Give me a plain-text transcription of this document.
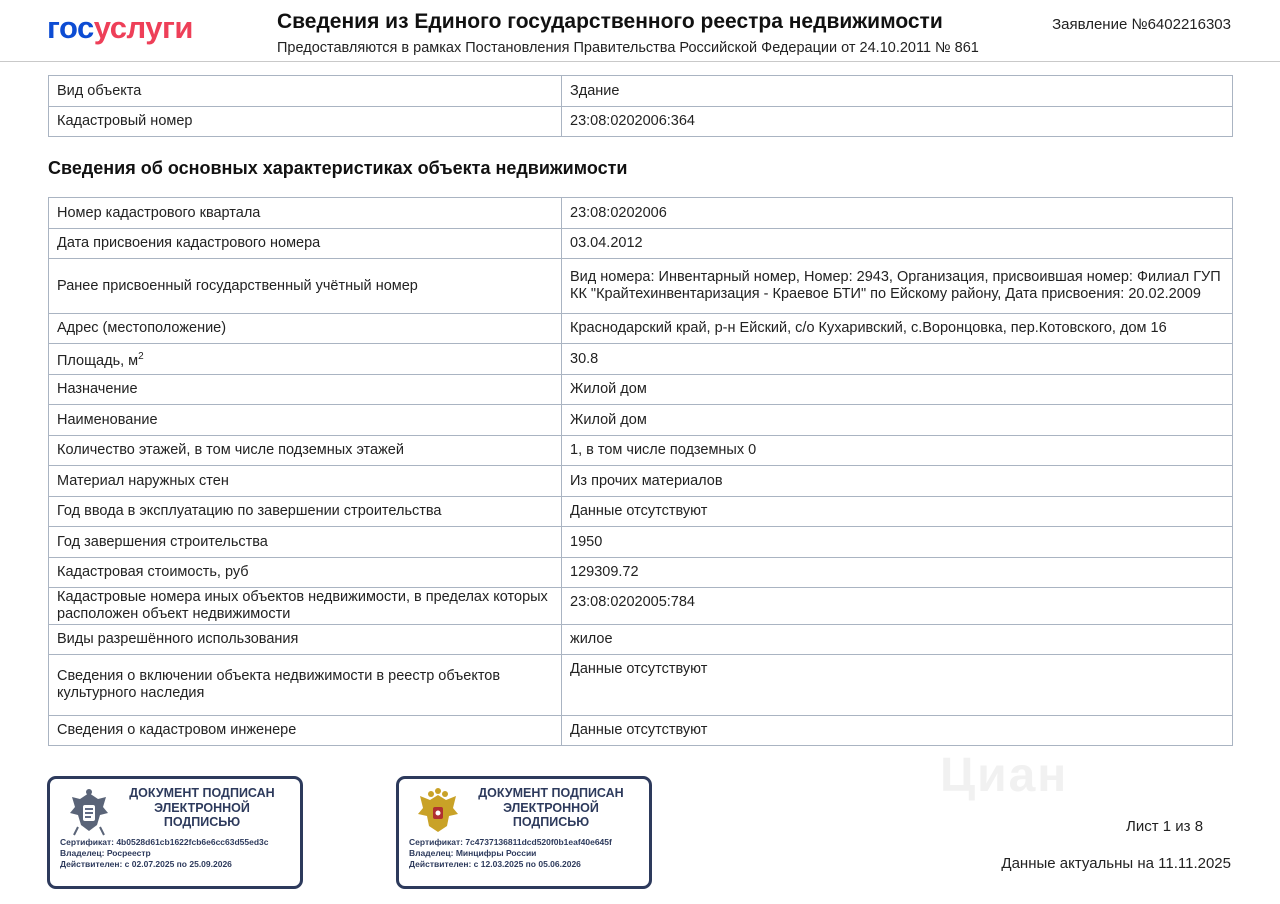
госуслуги	Сведения из Единого государственного реестра недвижимости
Предоставляются в рамках Постановления Правительства Российской Федерации от 24.10.2011 № 861
Заявление №6402216303
Вид объекта	Здание
Кадастровый номер	23:08:0202006:364
Сведения об основных характеристиках объекта недвижимости
Номер кадастрового квартала	23:08:0202006
Дата присвоения кадастрового номера	03.04.2012
Ранее присвоенный государственный учётный номер	Вид номера: Инвентарный номер, Номер: 2943, Организация, присвоившая номер: Филиал ГУП КК "Крайтехинвентаризация - Краевое БТИ" по Ейскому району, Дата присвоения: 20.02.2009
Адрес (местоположение)	Краснодарский край, р-н Ейский, с/о Кухаривский, с.Воронцовка, пер.Котовского, дом 16
Площадь, $м^2$	30.8
Назначение	Жилой дом
Наименование	Жилой дом
Количество этажей, в том числе подземных этажей	1, в том числе подземных 0
Материал наружных стен	Из прочих материалов
Год ввода в эксплуатацию по завершении строительства	Данные отсутствуют
Год завершения строительства	1950
Кадастровая стоимость, руб	129309.72
Кадастровые номера иных объектов недвижимости, в пределах которых расположен объект недвижимости	23:08:0202005:784
Виды разрешённого использования	жилое
Сведения о включении объекта недвижимости в реестр объектов культурного наследия	Данные отсутствуют
Сведения о кадастровом инженере	Данные отсутствуют
Циан
ДОКУМЕНТ ПОДПИСАН
ЭЛЕКТРОННОЙ
ПОДПИСЬЮ
Сертификат: 4b0528d61cb1622fcb6e6cc63d55ed3c
Владелец: Росреестр
Действителен: с 02.07.2025 по 25.09.2026
ДОКУМЕНТ ПОДПИСАН
ЭЛЕКТРОННОЙ
ПОДПИСЬЮ
Сертификат: 7c4737136811dcd520f0b1eaf40e645f
Владелец: Минцифры России
Действителен: с 12.03.2025 по 05.06.2026
Лист 1 из 8
Данные актуальны на 11.11.2025
